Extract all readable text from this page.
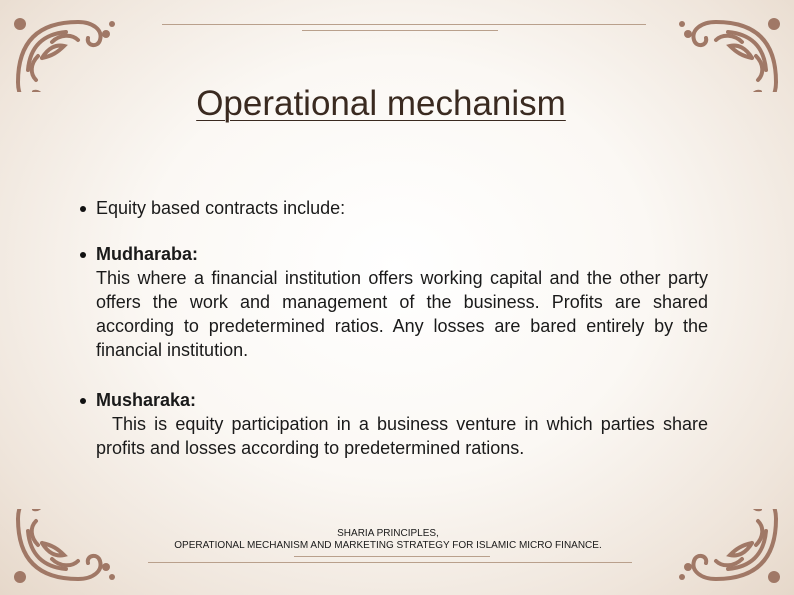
Operational mechanism
Equity based contracts include:
Mudharaba:
This where a financial institution offers working capital and the other party offers the work and management of the business. Profits are shared according to predetermined ratios. Any losses are bared entirely by the financial institution.
Musharaka:
This is equity participation in a business venture in which parties share profits and losses according to predetermined rations.
SHARIA PRINCIPLES,
OPERATIONAL MECHANISM AND MARKETING STRATEGY FOR ISLAMIC MICRO FINANCE.
